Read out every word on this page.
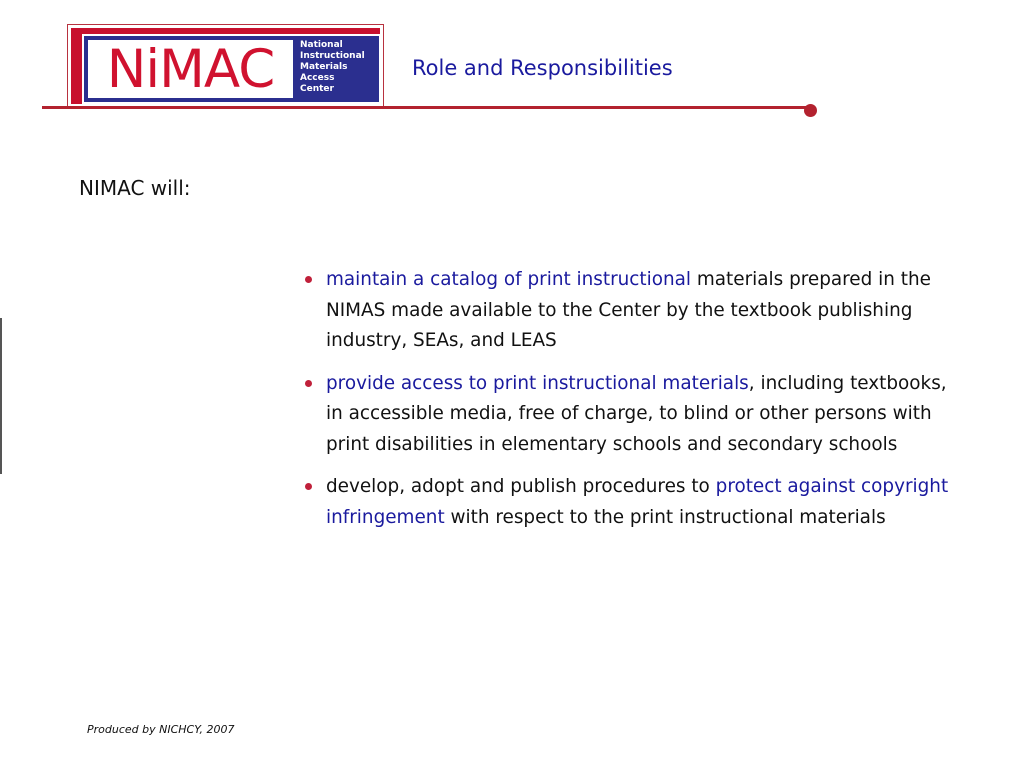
NiMAC	National
Instructional
Materials
Access
Center
Role and Responsibilities
NIMAC will:
maintain a catalog of print instructional materials prepared in the NIMAS made available to the Center by the textbook publishing industry, SEAs, and LEAS
provide access to print instructional materials, including textbooks, in accessible media, free of charge, to blind or other persons with print disabilities in elementary schools and secondary schools
develop, adopt and publish procedures to protect against copyright infringement with respect to the print instructional materials
Produced by NICHCY, 2007
